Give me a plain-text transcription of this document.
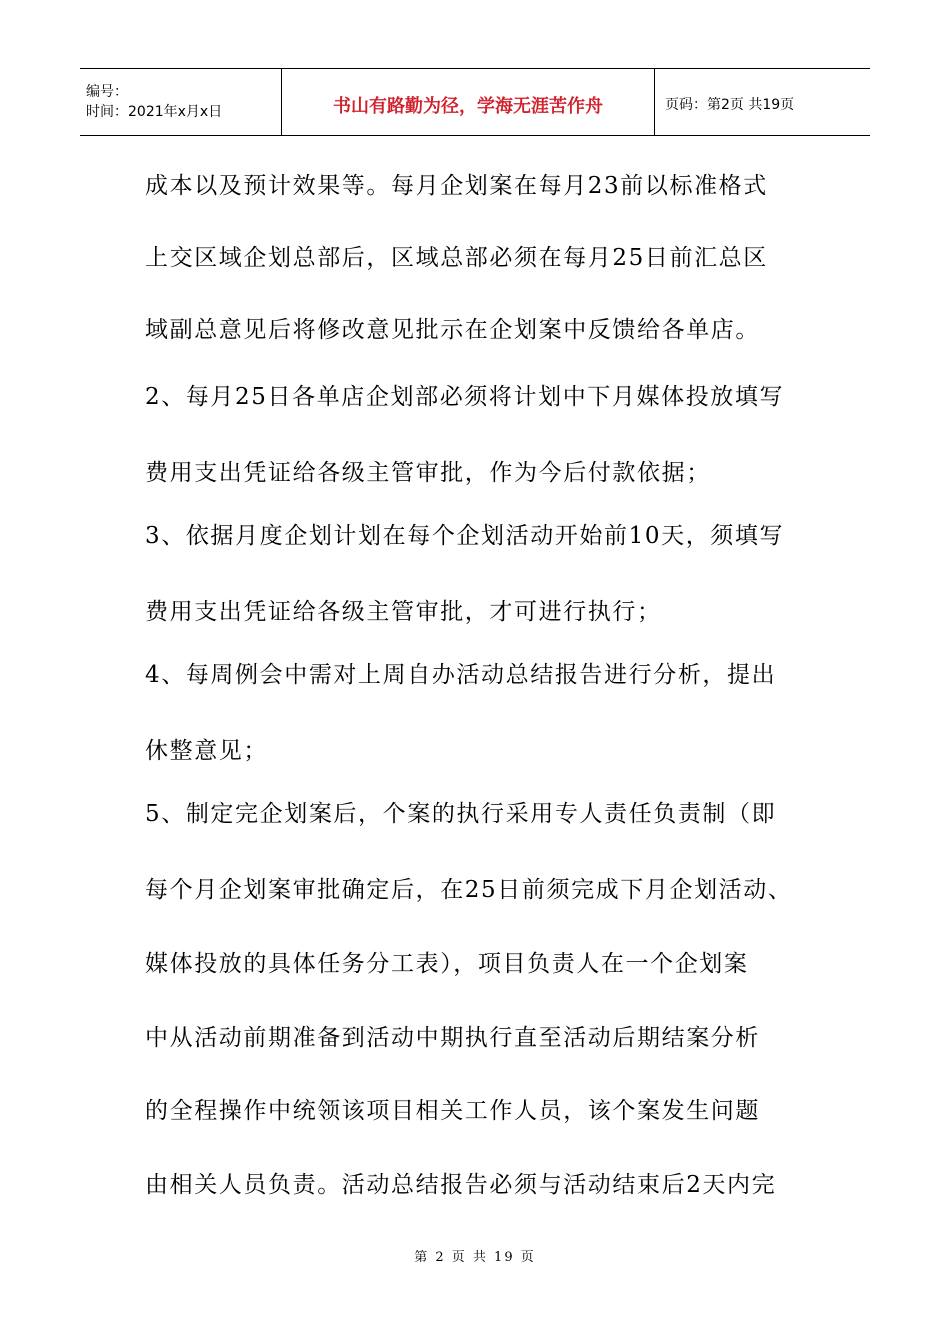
编号：
时间：2021年x月x日	书山有路勤为径，学海无涯苦作舟	页码：第2页 共19页
成本以及预计效果等。每月企划案在每月23前以标准格式
上交区域企划总部后，区域总部必须在每月25日前汇总区
域副总意见后将修改意见批示在企划案中反馈给各单店。
2、每月25日各单店企划部必须将计划中下月媒体投放填写
费用支出凭证给各级主管审批，作为今后付款依据；
3、依据月度企划计划在每个企划活动开始前10天，须填写
费用支出凭证给各级主管审批，才可进行执行；
4、每周例会中需对上周自办活动总结报告进行分析，提出
休整意见；
5、制定完企划案后，个案的执行采用专人责任负责制（即
每个月企划案审批确定后，在25日前须完成下月企划活动、
媒体投放的具体任务分工表），项目负责人在一个企划案
中从活动前期准备到活动中期执行直至活动后期结案分析
的全程操作中统领该项目相关工作人员，该个案发生问题
由相关人员负责。活动总结报告必须与活动结束后2天内完
第 2 页 共 19 页
